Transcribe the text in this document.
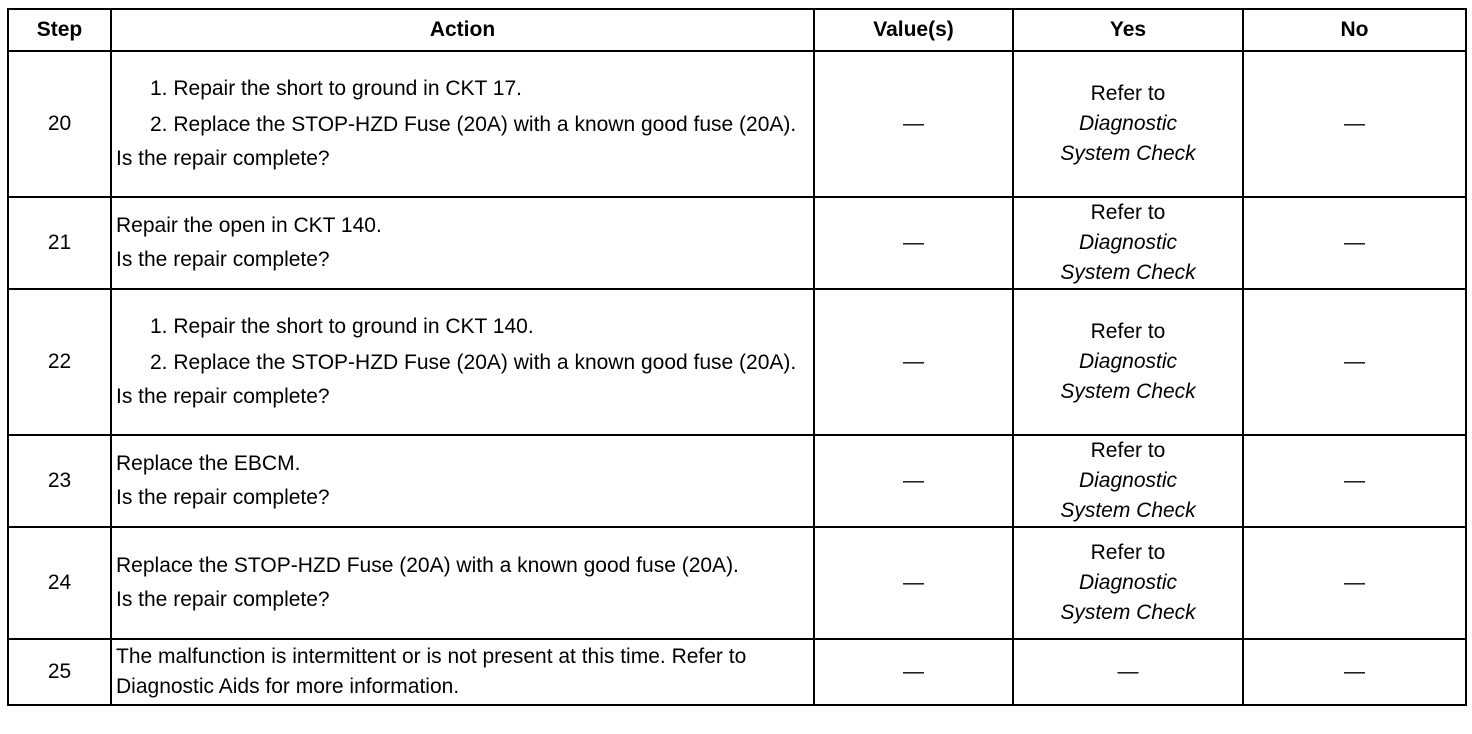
Step	Action	Value(s)	Yes	No
20	1. Repair the short to ground in CKT 17.
2. Replace the STOP-HZD Fuse (20A) with a known good fuse (20A).
Is the repair complete?	—	Refer to
Diagnostic
System Check	—
21	Repair the open in CKT 140.
Is the repair complete?	—	Refer to
Diagnostic
System Check	—
22	1. Repair the short to ground in CKT 140.
2. Replace the STOP-HZD Fuse (20A) with a known good fuse (20A).
Is the repair complete?	—	Refer to
Diagnostic
System Check	—
23	Replace the EBCM.
Is the repair complete?	—	Refer to
Diagnostic
System Check	—
24	Replace the STOP-HZD Fuse (20A) with a known good fuse (20A).
Is the repair complete?	—	Refer to
Diagnostic
System Check	—
25	The malfunction is intermittent or is not present at this time. Refer to Diagnostic Aids for more information.	—	—	—
